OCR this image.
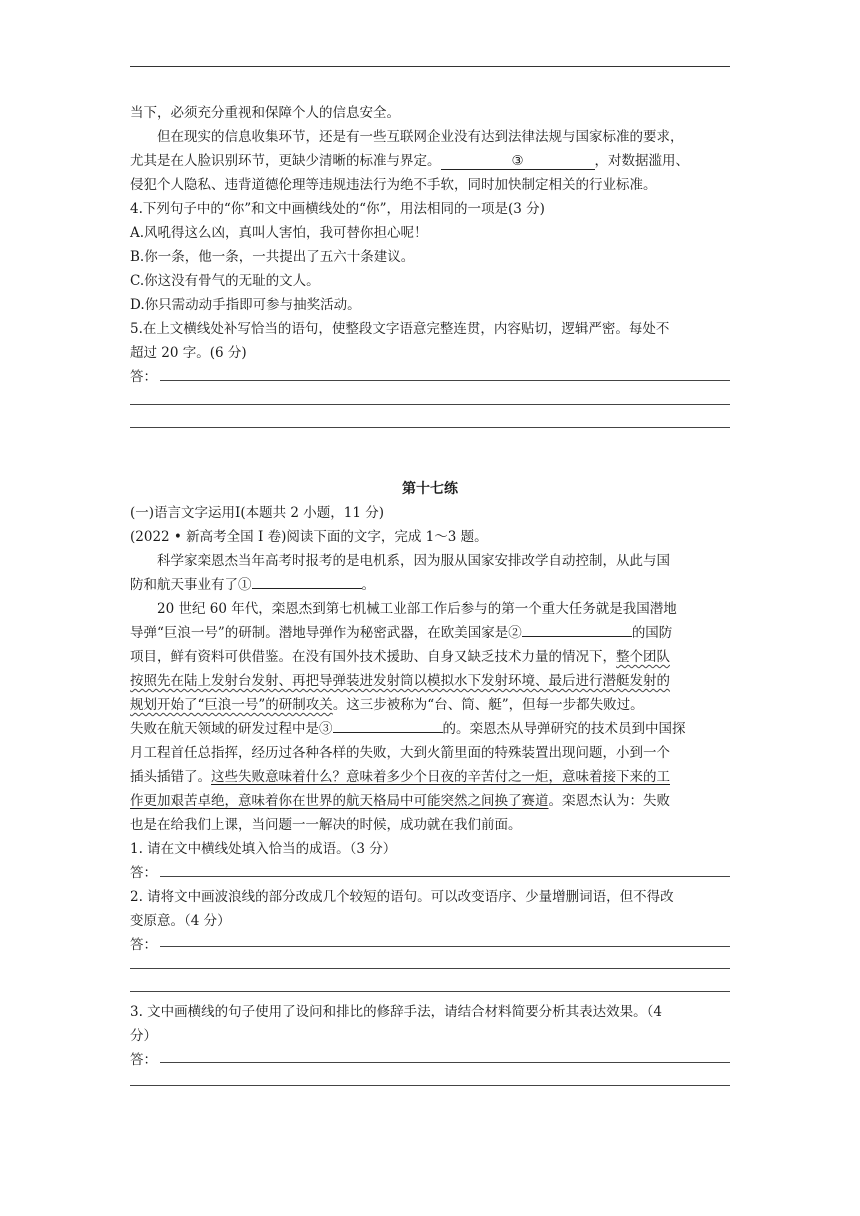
当下，必须充分重视和保障个人的信息安全。
但在现实的信息收集环节，还是有一些互联网企业没有达到法律法规与国家标准的要求，
尤其是在人脸识别环节，更缺少清晰的标准与界定。	③	，对数据滥用、
侵犯个人隐私、违背道德伦理等违规违法行为绝不手软，同时加快制定相关的行业标准。
4.下列句子中的“你”和文中画横线处的“你”，用法相同的一项是(3 分)
A.风吼得这么凶，真叫人害怕，我可替你担心呢！
B.你一条，他一条，一共提出了五六十条建议。
C.你这没有骨气的无耻的文人。
D.你只需动动手指即可参与抽奖活动。
5.在上文横线处补写恰当的语句，使整段文字语意完整连贯，内容贴切，逻辑严密。每处不
超过 20 字。(6 分)
答：
第十七练
(一)语言文字运用Ⅰ(本题共 2 小题，11 分)
(2022 • 新高考全国 I 卷)阅读下面的文字，完成 1～3 题。
科学家栾恩杰当年高考时报考的是电机系，因为服从国家安排改学自动控制，从此与国
防和航天事业有了①	。
20 世纪 60 年代，栾恩杰到第七机械工业部工作后参与的第一个重大任务就是我国潜地
导弹“巨浪一号”的研制。潜地导弹作为秘密武器，在欧美国家是②	的国防
项目，鲜有资料可供借鉴。在没有国外技术援助、自身又缺乏技术力量的情况下，整个团队
按照先在陆上发射台发射、再把导弹装进发射筒以模拟水下发射环境、最后进行潜艇发射的
规划开始了“巨浪一号”的研制攻关。这三步被称为“台、筒、艇”，但每一步都失败过。
失败在航天领域的研发过程中是③	的。栾恩杰从导弹研究的技术员到中国探
月工程首任总指挥，经历过各种各样的失败，大到火箭里面的特殊装置出现问题，小到一个
插头插错了。这些失败意味着什么？意味着多少个日夜的辛苦付之一炬，意味着接下来的工
作更加艰苦卓绝，意味着你在世界的航天格局中可能突然之间换了赛道。栾恩杰认为：失败
也是在给我们上课，当问题一一解决的时候，成功就在我们前面。
1. 请在文中横线处填入恰当的成语。（3 分）
答：
2. 请将文中画波浪线的部分改成几个较短的语句。可以改变语序、少量增删词语，但不得改
变原意。（4 分）
答：
3. 文中画横线的句子使用了设问和排比的修辞手法，请结合材料简要分析其表达效果。（4
分）
答：
